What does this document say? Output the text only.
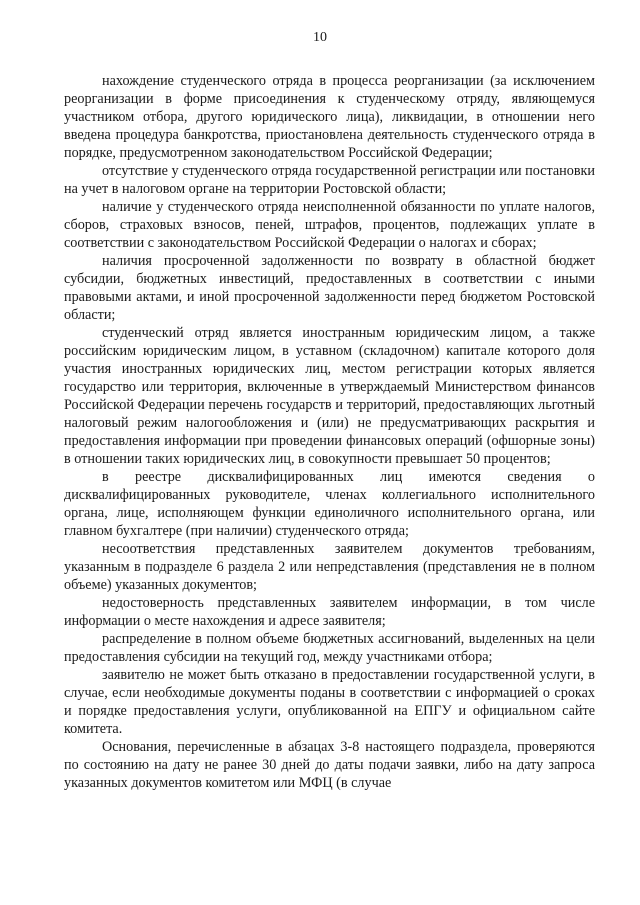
10

нахождение студенческого отряда в процесса реорганизации (за исключением реорганизации в форме присоединения к студенческому отряду, являющемуся участником отбора, другого юридического лица), ликвидации, в отношении него введена процедура банкротства, приостановлена деятельность студенческого отряда в порядке, предусмотренном законодательством Российской Федерации;

отсутствие у студенческого отряда государственной регистрации или постановки на учет в налоговом органе на территории Ростовской области;

наличие у студенческого отряда неисполненной обязанности по уплате налогов, сборов, страховых взносов, пеней, штрафов, процентов, подлежащих уплате в соответствии с законодательством Российской Федерации о налогах и сборах;

наличия просроченной задолженности по возврату в областной бюджет субсидии, бюджетных инвестиций, предоставленных в соответствии с иными правовыми актами, и иной просроченной задолженности перед бюджетом Ростовской области;

студенческий отряд является иностранным юридическим лицом, а также российским юридическим лицом, в уставном (складочном) капитале которого доля участия иностранных юридических лиц, местом регистрации которых является государство или территория, включенные в утверждаемый Министерством финансов Российской Федерации перечень государств и территорий, предоставляющих льготный налоговый режим налогообложения и (или) не предусматривающих раскрытия и предоставления информации при проведении финансовых операций (офшорные зоны) в отношении таких юридических лиц, в совокупности превышает 50 процентов;

в реестре дисквалифицированных лиц имеются сведения о дисквалифицированных руководителе, членах коллегиального исполнительного органа, лице, исполняющем функции единоличного исполнительного органа, или главном бухгалтере (при наличии) студенческого отряда;

несоответствия представленных заявителем документов требованиям, указанным в подразделе 6 раздела 2 или непредставления (представления не в полном объеме) указанных документов;

недостоверность представленных заявителем информации, в том числе информации о месте нахождения и адресе заявителя;

распределение в полном объеме бюджетных ассигнований, выделенных на цели предоставления субсидии на текущий год, между участниками отбора;

заявителю не может быть отказано в предоставлении государственной услуги, в случае, если необходимые документы поданы в соответствии с информацией о сроках и порядке предоставления услуги, опубликованной на ЕПГУ и официальном сайте комитета.

Основания, перечисленные в абзацах 3-8 настоящего подраздела, проверяются по состоянию на дату не ранее 30 дней до даты подачи заявки, либо на дату запроса указанных документов комитетом или МФЦ (в случае
